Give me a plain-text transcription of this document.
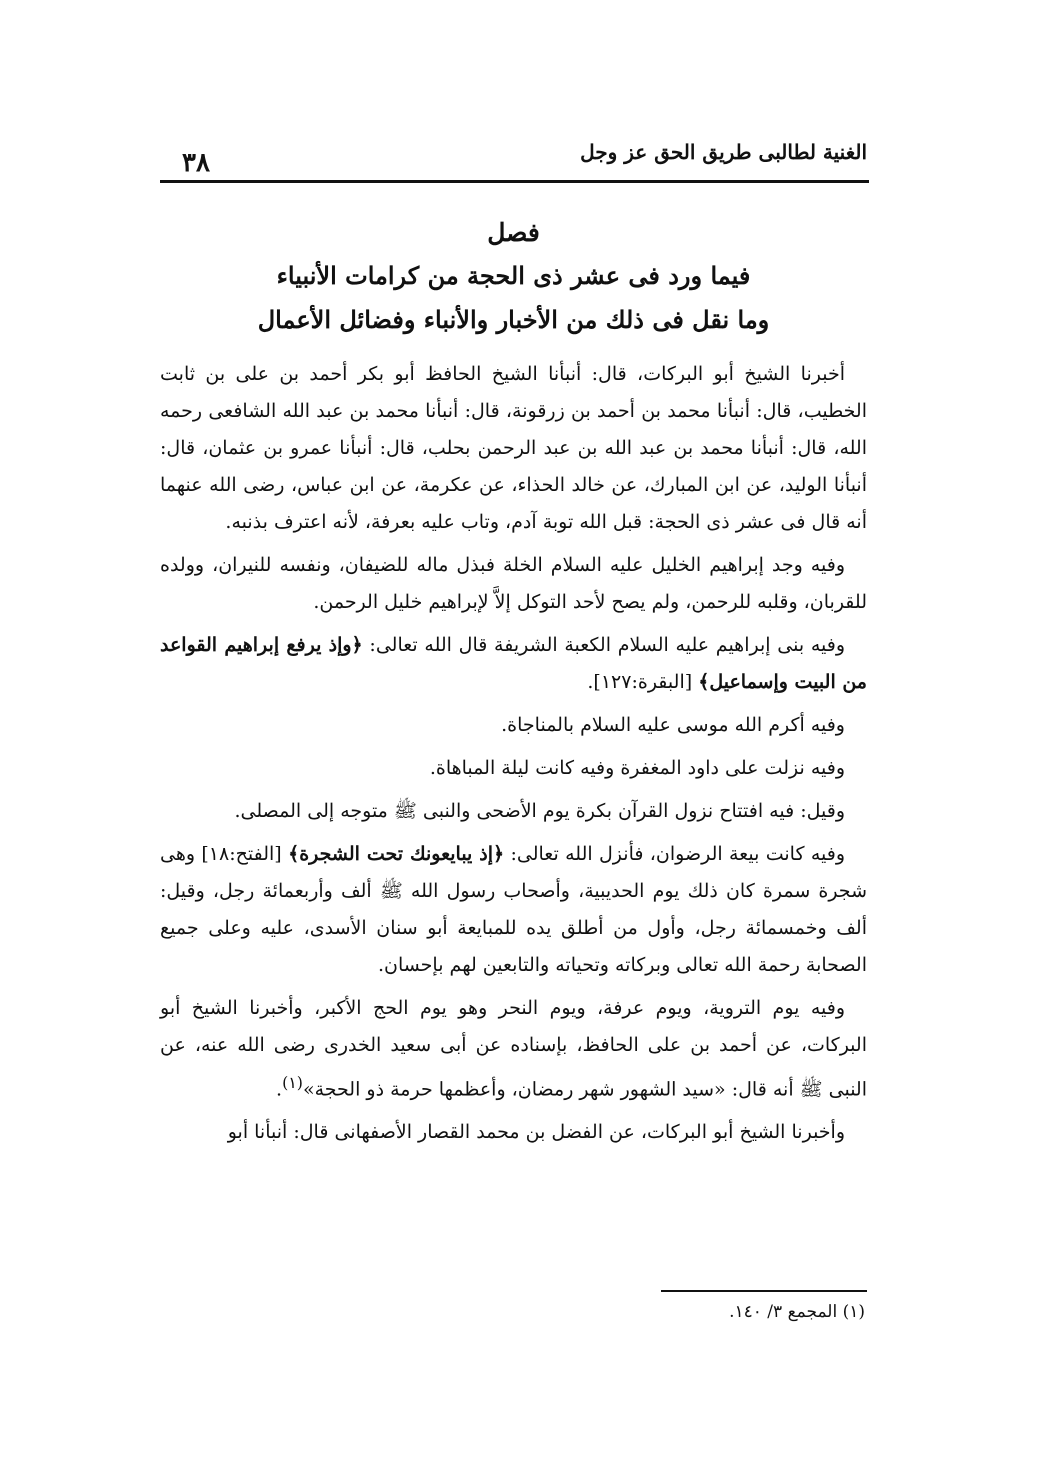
الغنية لطالبى طريق الحق عز وجل
٣٨
فصل
فيما ورد فى عشر ذى الحجة من كرامات الأنبياء
وما نقل فى ذلك من الأخبار والأنباء وفضائل الأعمال

أخبرنا الشيخ أبو البركات، قال: أنبأنا الشيخ الحافظ أبو بكر أحمد بن على بن ثابت الخطيب، قال: أنبأنا محمد بن أحمد بن زرقونة، قال: أنبأنا محمد بن عبد الله الشافعى رحمه الله، قال: أنبأنا محمد بن عبد الله بن عبد الرحمن بحلب، قال: أنبأنا عمرو بن عثمان، قال: أنبأنا الوليد، عن ابن المبارك، عن خالد الحذاء، عن عكرمة، عن ابن عباس، رضى الله عنهما أنه قال فى عشر ذى الحجة: قبل الله توبة آدم، وتاب عليه بعرفة، لأنه اعترف بذنبه.

وفيه وجد إبراهيم الخليل عليه السلام الخلة فبذل ماله للضيفان، ونفسه للنيران، وولده للقربان، وقلبه للرحمن، ولم يصح لأحد التوكل إلاَّ لإبراهيم خليل الرحمن.

وفيه بنى إبراهيم عليه السلام الكعبة الشريفة قال الله تعالى: ﴿وإذ يرفع إبراهيم القواعد من البيت وإسماعيل﴾ [البقرة:١٢٧].

وفيه أكرم الله موسى عليه السلام بالمناجاة.

وفيه نزلت على داود المغفرة وفيه كانت ليلة المباهاة.

وقيل: فيه افتتاح نزول القرآن بكرة يوم الأضحى والنبى ﷺ متوجه إلى المصلى.

وفيه كانت بيعة الرضوان، فأنزل الله تعالى: ﴿إذ يبايعونك تحت الشجرة﴾ [الفتح:١٨] وهى شجرة سمرة كان ذلك يوم الحديبية، وأصحاب رسول الله ﷺ ألف وأربعمائة رجل، وقيل: ألف وخمسمائة رجل، وأول من أطلق يده للمبايعة أبو سنان الأسدى، عليه وعلى جميع الصحابة رحمة الله تعالى وبركاته وتحياته والتابعين لهم بإحسان.

وفيه يوم التروية، ويوم عرفة، ويوم النحر وهو يوم الحج الأكبر، وأخبرنا الشيخ أبو البركات، عن أحمد بن على الحافظ، بإسناده عن أبى سعيد الخدرى رضى الله عنه، عن النبى ﷺ أنه قال: «سيد الشهور شهر رمضان، وأعظمها حرمة ذو الحجة»$^{(١)}$.

وأخبرنا الشيخ أبو البركات، عن الفضل بن محمد القصار الأصفهانى قال: أنبأنا أبو

(١) المجمع ٣/ ١٤٠.
